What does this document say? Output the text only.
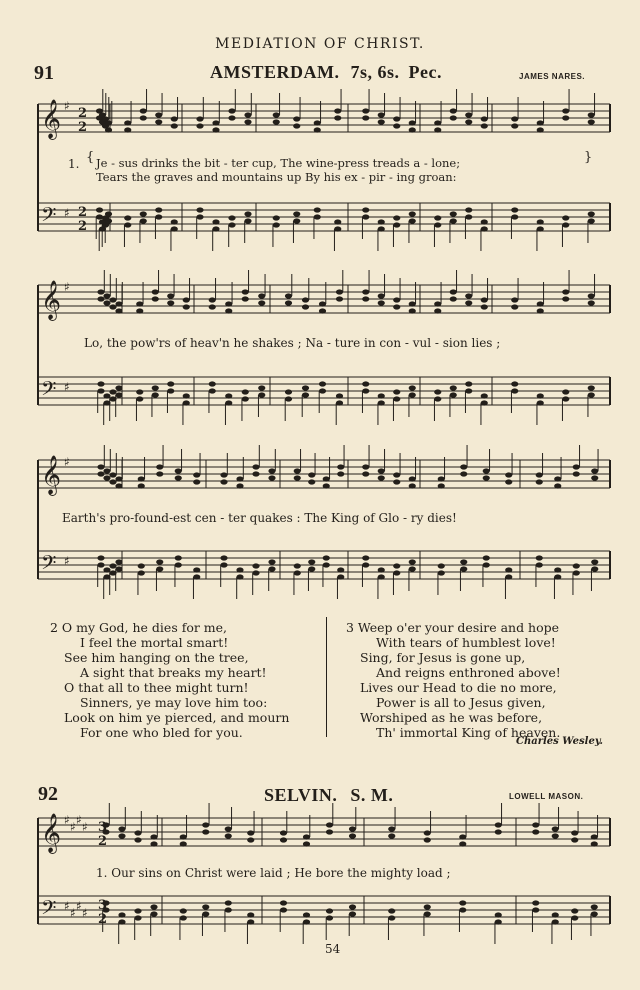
MEDIATION OF CHRIST.
91	AMSTERDAM. 7s, 6s. Pec.	JAMES NARES.
𝄞
𝄢
♯
♯
2
2
2
2
𝄞
𝄢
♯
♯
𝄞
𝄢
♯
♯
𝄞
𝄢
♯
♯
♯
♯
♯
♯
♯
♯
3
2
3
2
1. { Je - sus drinks the bit - ter cup, The wine-press treads a - lone;
Tears the graves and mountains up By his ex - pir - ing groan:
}
Lo, the pow'rs of heav'n he shakes ; Na - ture in con - vul - sion lies ;
Earth's pro-found-est cen - ter quakes : The King of Glo - ry dies!
2 O my God, he dies for me,
I feel the mortal smart!
See him hanging on the tree,
A sight that breaks my heart!
O that all to thee might turn!
Sinners, ye may love him too:
Look on him ye pierced, and mourn
For one who bled for you.
3 Weep o'er your desire and hope
With tears of humblest love!
Sing, for Jesus is gone up,
And reigns enthroned above!
Lives our Head to die no more,
Power is all to Jesus given,
Worshiped as he was before,
Th' immortal King of heaven.
Charles Wesley.
92	SELVIN. S. M.	LOWELL MASON.
1. Our sins on Christ were laid ; He bore the mighty load ;
54
